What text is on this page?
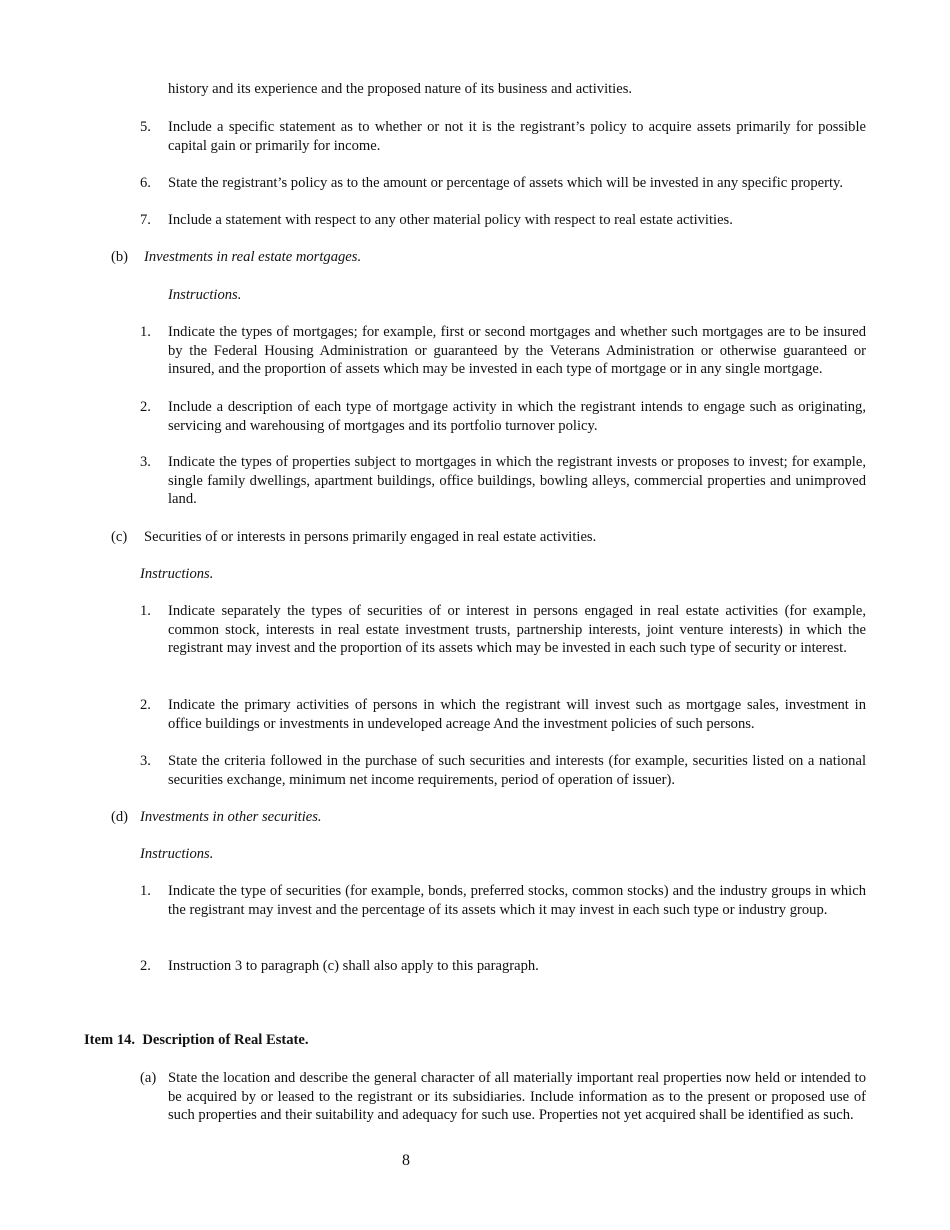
history and its experience and the proposed nature of its business and activities.

5. Include a specific statement as to whether or not it is the registrant’s policy to acquire assets primarily for possible capital gain or primarily for income.
6. State the registrant’s policy as to the amount or percentage of assets which will be invested in any specific property.
7. Include a statement with respect to any other material policy with respect to real estate activities.
(b) Investments in real estate mortgages.
Instructions.
1. Indicate the types of mortgages; for example, first or second mortgages and whether such mortgages are to be insured by the Federal Housing Administration or guaranteed by the Veterans Administration or otherwise guaranteed or insured, and the proportion of assets which may be invested in each type of mortgage or in any single mortgage.
2. Include a description of each type of mortgage activity in which the registrant intends to engage such as originating, servicing and warehousing of mortgages and its portfolio turnover policy.
3. Indicate the types of properties subject to mortgages in which the registrant invests or proposes to invest; for example, single family dwellings, apartment buildings, office buildings, bowling alleys, commercial properties and unimproved land.
(c) Securities of or interests in persons primarily engaged in real estate activities.
Instructions.
1. Indicate separately the types of securities of or interest in persons engaged in real estate activities (for example, common stock, interests in real estate investment trusts, partnership interests, joint venture interests) in which the registrant may invest and the proportion of its assets which may be invested in each such type of security or interest.
2. Indicate the primary activities of persons in which the registrant will invest such as mortgage sales, investment in office buildings or investments in undeveloped acreage And the investment policies of such persons.
3. State the criteria followed in the purchase of such securities and interests (for example, securities listed on a national securities exchange, minimum net income requirements, period of operation of issuer).
(d) Investments in other securities.
Instructions.
1. Indicate the type of securities (for example, bonds, preferred stocks, common stocks) and the industry groups in which the registrant may invest and the percentage of its assets which it may invest in each such type or industry group.
2. Instruction 3 to paragraph (c) shall also apply to this paragraph.
Item 14.  Description of Real Estate.
(a) State the location and describe the general character of all materially important real properties now held or intended to be acquired by or leased to the registrant or its subsidiaries. Include information as to the present or proposed use of such properties and their suitability and adequacy for such use. Properties not yet acquired shall be identified as such.
8
